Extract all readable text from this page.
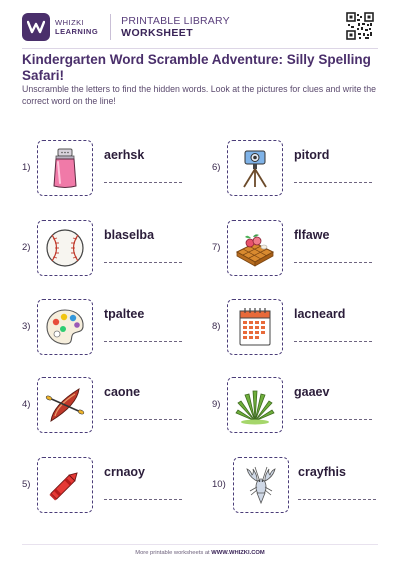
WHIZKI
LEARNING
PRINTABLE LIBRARY
WORKSHEET
Kindergarten Word Scramble Adventure: Silly Spelling Safari!
Unscramble the letters to find the hidden words. Look at the pictures for clues and write the correct word on the line!
1)
aerhsk
6)
pitord
2)
blaselba
7)
flfawe
3)
tpaltee
8)
lacneard
4)
caone
9)
gaaev
5)
crnaoy
10)
crayfhis
More printable worksheets at WWW.WHIZKI.COM
